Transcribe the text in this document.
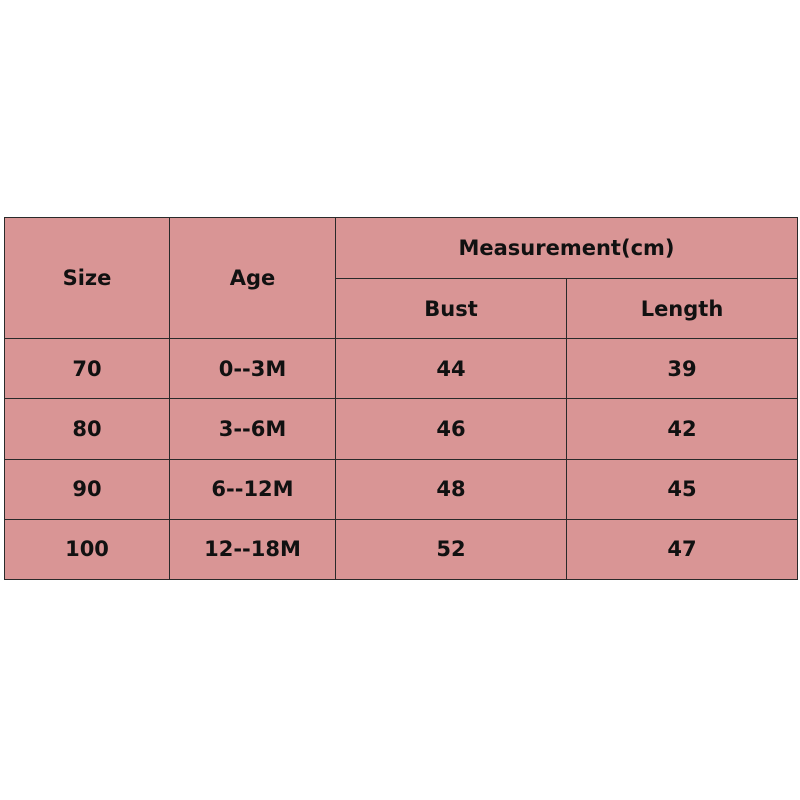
Size	Age	Measurement(cm)	
		Bust	Length
70	0--3M	44	39
80	3--6M	46	42
90	6--12M	48	45
100	12--18M	52	47
